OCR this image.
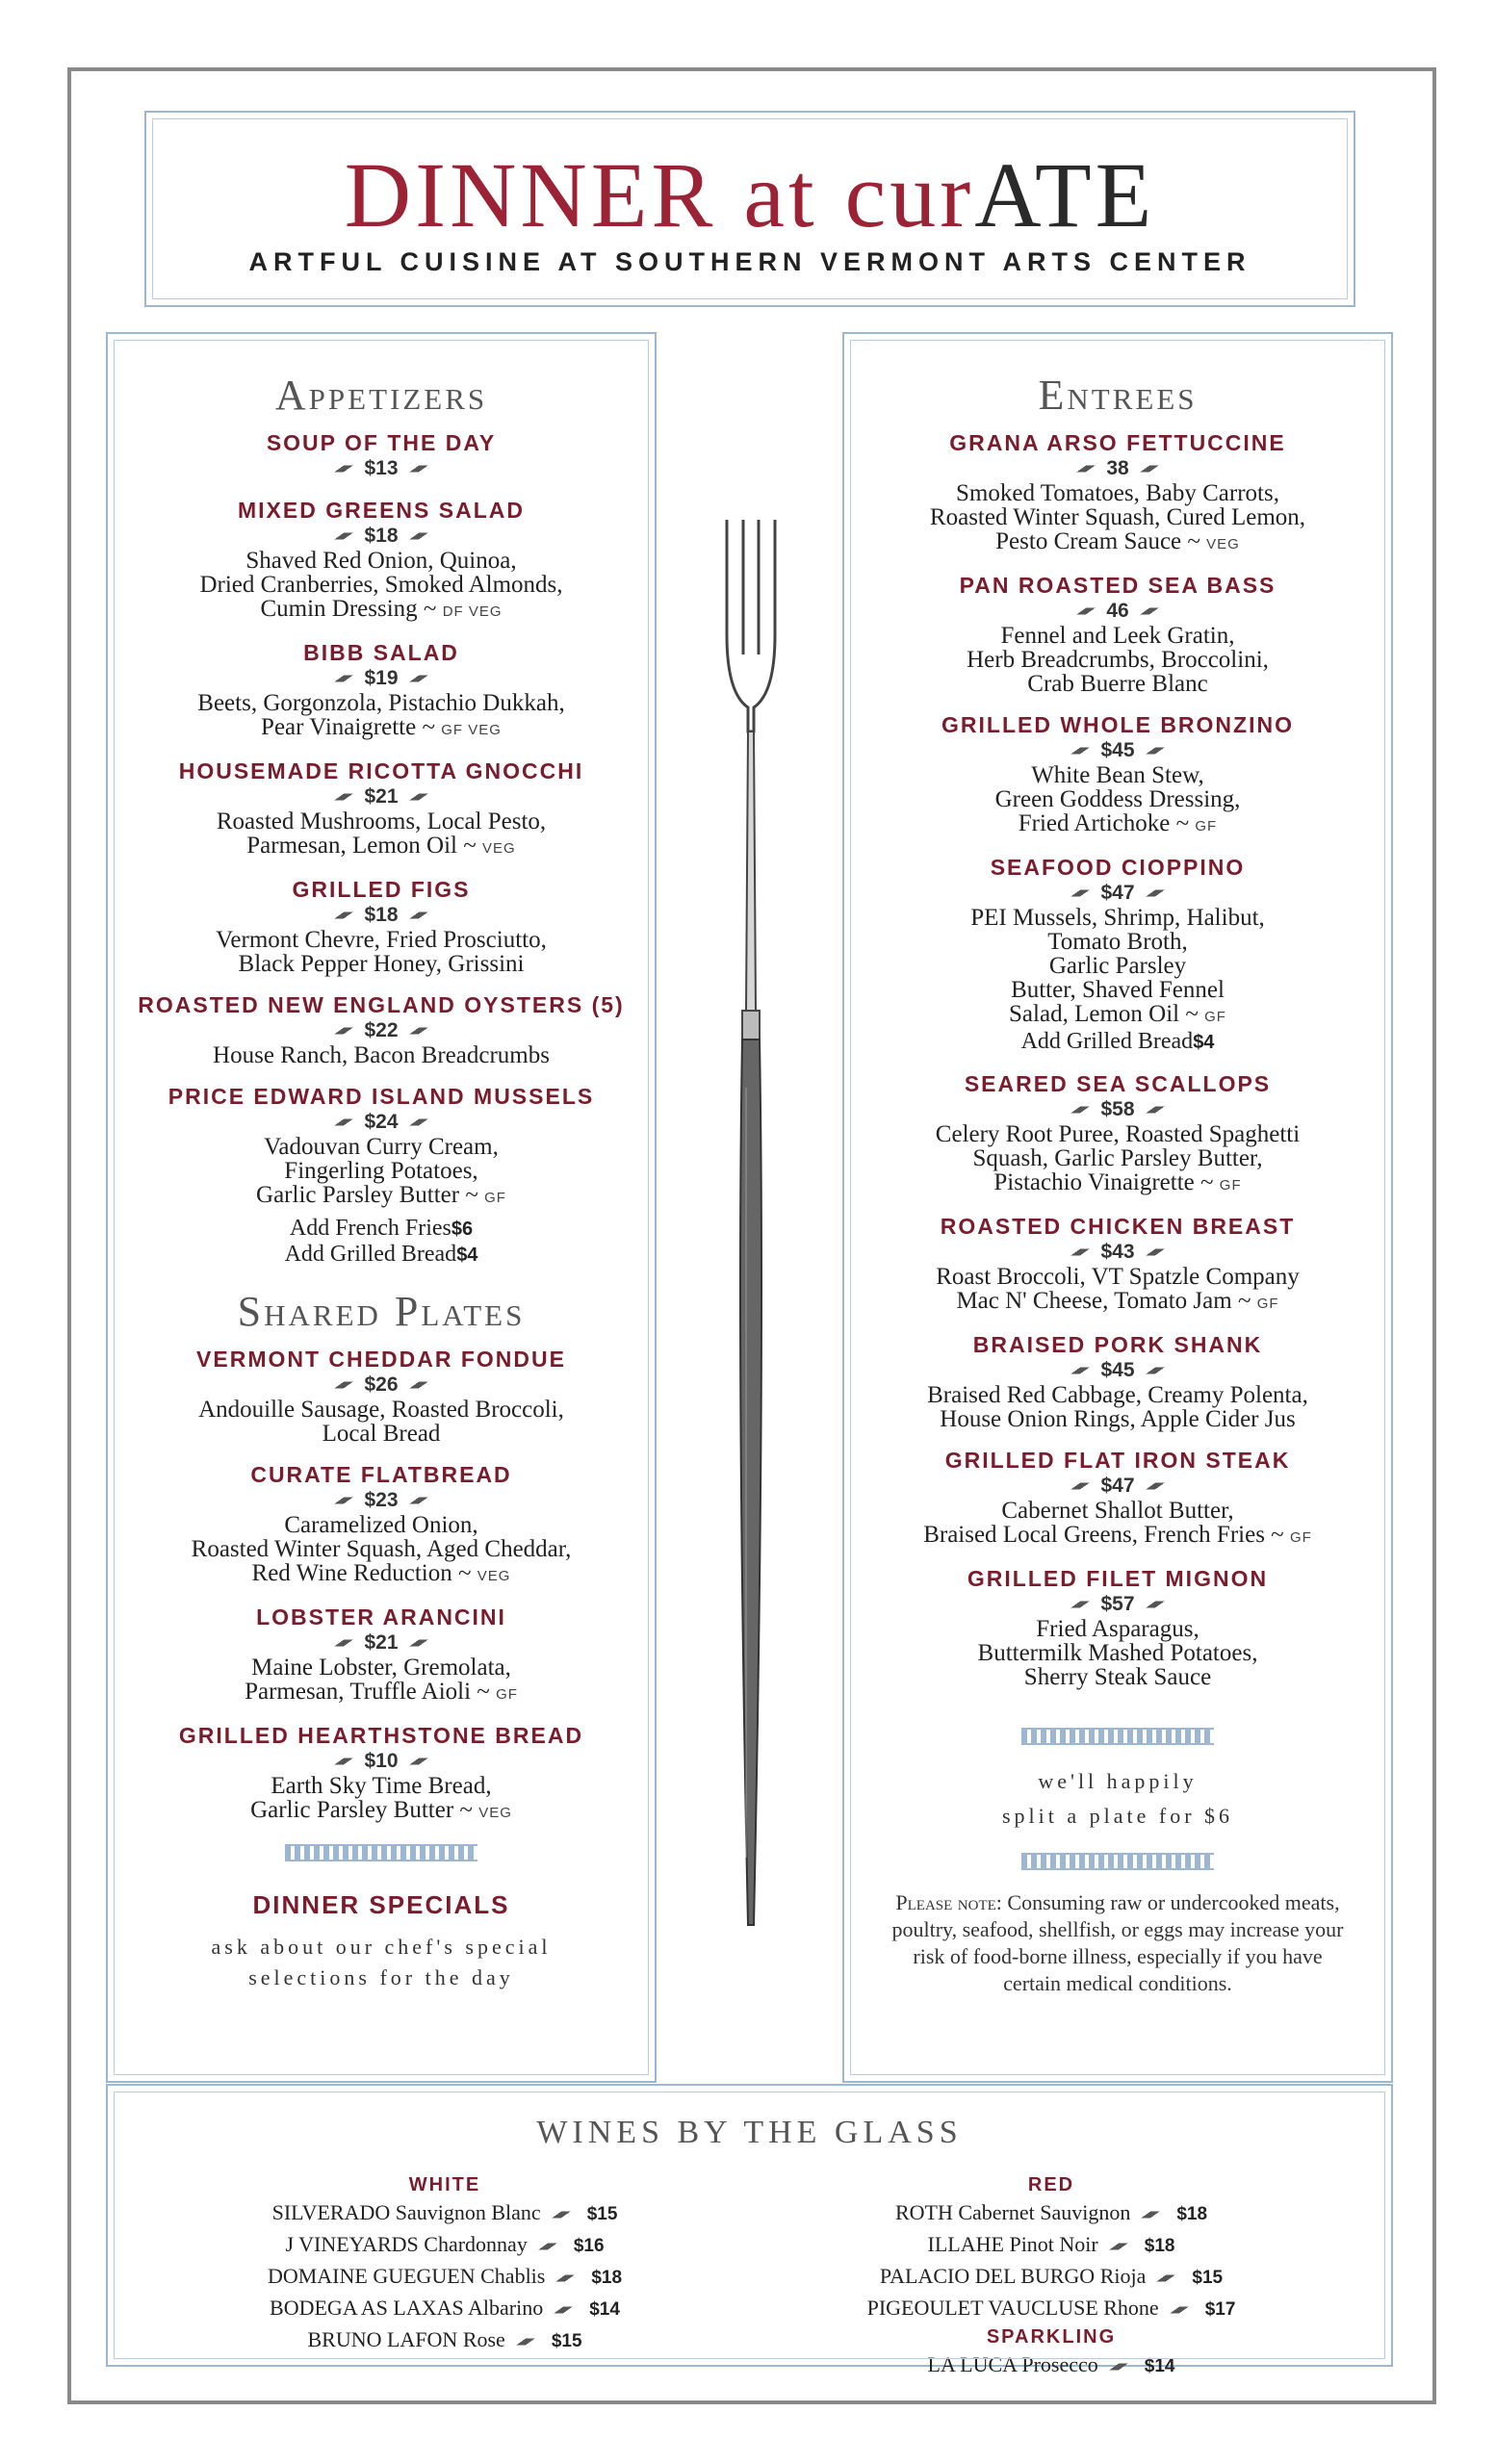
DINNER at curATE
ARTFUL CUISINE AT SOUTHERN VERMONT ARTS CENTER
Appetizers
SOUP OF THE DAY
$13
MIXED GREENS SALAD
$18
Shaved Red Onion, Quinoa,
Dried Cranberries, Smoked Almonds,
Cumin Dressing ~ DF VEG
BIBB SALAD
$19
Beets, Gorgonzola, Pistachio Dukkah,
Pear Vinaigrette ~ GF VEG
HOUSEMADE RICOTTA GNOCCHI
$21
Roasted Mushrooms, Local Pesto,
Parmesan, Lemon Oil ~ VEG
GRILLED FIGS
$18
Vermont Chevre, Fried Prosciutto,
Black Pepper Honey, Grissini
ROASTED NEW ENGLAND OYSTERS (5)
$22
House Ranch, Bacon Breadcrumbs
PRICE EDWARD ISLAND MUSSELS
$24
Vadouvan Curry Cream,
Fingerling Potatoes,
Garlic Parsley Butter ~ GF
Add French Fries$6
Add Grilled Bread$4
Shared Plates
VERMONT CHEDDAR FONDUE
$26
Andouille Sausage, Roasted Broccoli,
Local Bread
CURATE FLATBREAD
$23
Caramelized Onion,
Roasted Winter Squash, Aged Cheddar,
Red Wine Reduction ~ VEG
LOBSTER ARANCINI
$21
Maine Lobster, Gremolata,
Parmesan, Truffle Aioli ~ GF
GRILLED HEARTHSTONE BREAD
$10
Earth Sky Time Bread,
Garlic Parsley Butter ~ VEG
DINNER SPECIALS
ask about our chef's special
selections for the day
Entrees
GRANA ARSO FETTUCCINE
38
Smoked Tomatoes, Baby Carrots,
Roasted Winter Squash, Cured Lemon,
Pesto Cream Sauce ~ VEG
PAN ROASTED SEA BASS
46
Fennel and Leek Gratin,
Herb Breadcrumbs, Broccolini,
Crab Buerre Blanc
GRILLED WHOLE BRONZINO
$45
White Bean Stew,
Green Goddess Dressing,
Fried Artichoke ~ GF
SEAFOOD CIOPPINO
$47
PEI Mussels, Shrimp, Halibut,
Tomato Broth,
Garlic Parsley
Butter, Shaved Fennel
Salad, Lemon Oil ~ GF
Add Grilled Bread$4
SEARED SEA SCALLOPS
$58
Celery Root Puree, Roasted Spaghetti
Squash, Garlic Parsley Butter,
Pistachio Vinaigrette ~ GF
ROASTED CHICKEN BREAST
$43
Roast Broccoli, VT Spatzle Company
Mac N' Cheese, Tomato Jam ~ GF
BRAISED PORK SHANK
$45
Braised Red Cabbage, Creamy Polenta,
House Onion Rings, Apple Cider Jus
GRILLED FLAT IRON STEAK
$47
Cabernet Shallot Butter,
Braised Local Greens, French Fries ~ GF
GRILLED FILET MIGNON
$57
Fried Asparagus,
Buttermilk Mashed Potatoes,
Sherry Steak Sauce
we'll happily
split a plate for $6
Please note: Consuming raw or undercooked meats, poultry, seafood, shellfish, or eggs may increase your risk of food-borne illness, especially if you have certain medical conditions.
WINES BY THE GLASS
WHITE
SILVERADO Sauvignon Blanc	$15
J VINEYARDS Chardonnay	$16
DOMAINE GUEGUEN Chablis	$18
BODEGA AS LAXAS Albarino	$14
BRUNO LAFON Rose	$15
RED
ROTH Cabernet Sauvignon	$18
ILLAHE Pinot Noir	$18
PALACIO DEL BURGO Rioja	$15
PIGEOULET VAUCLUSE Rhone	$17
SPARKLING
LA LUCA Prosecco	$14
